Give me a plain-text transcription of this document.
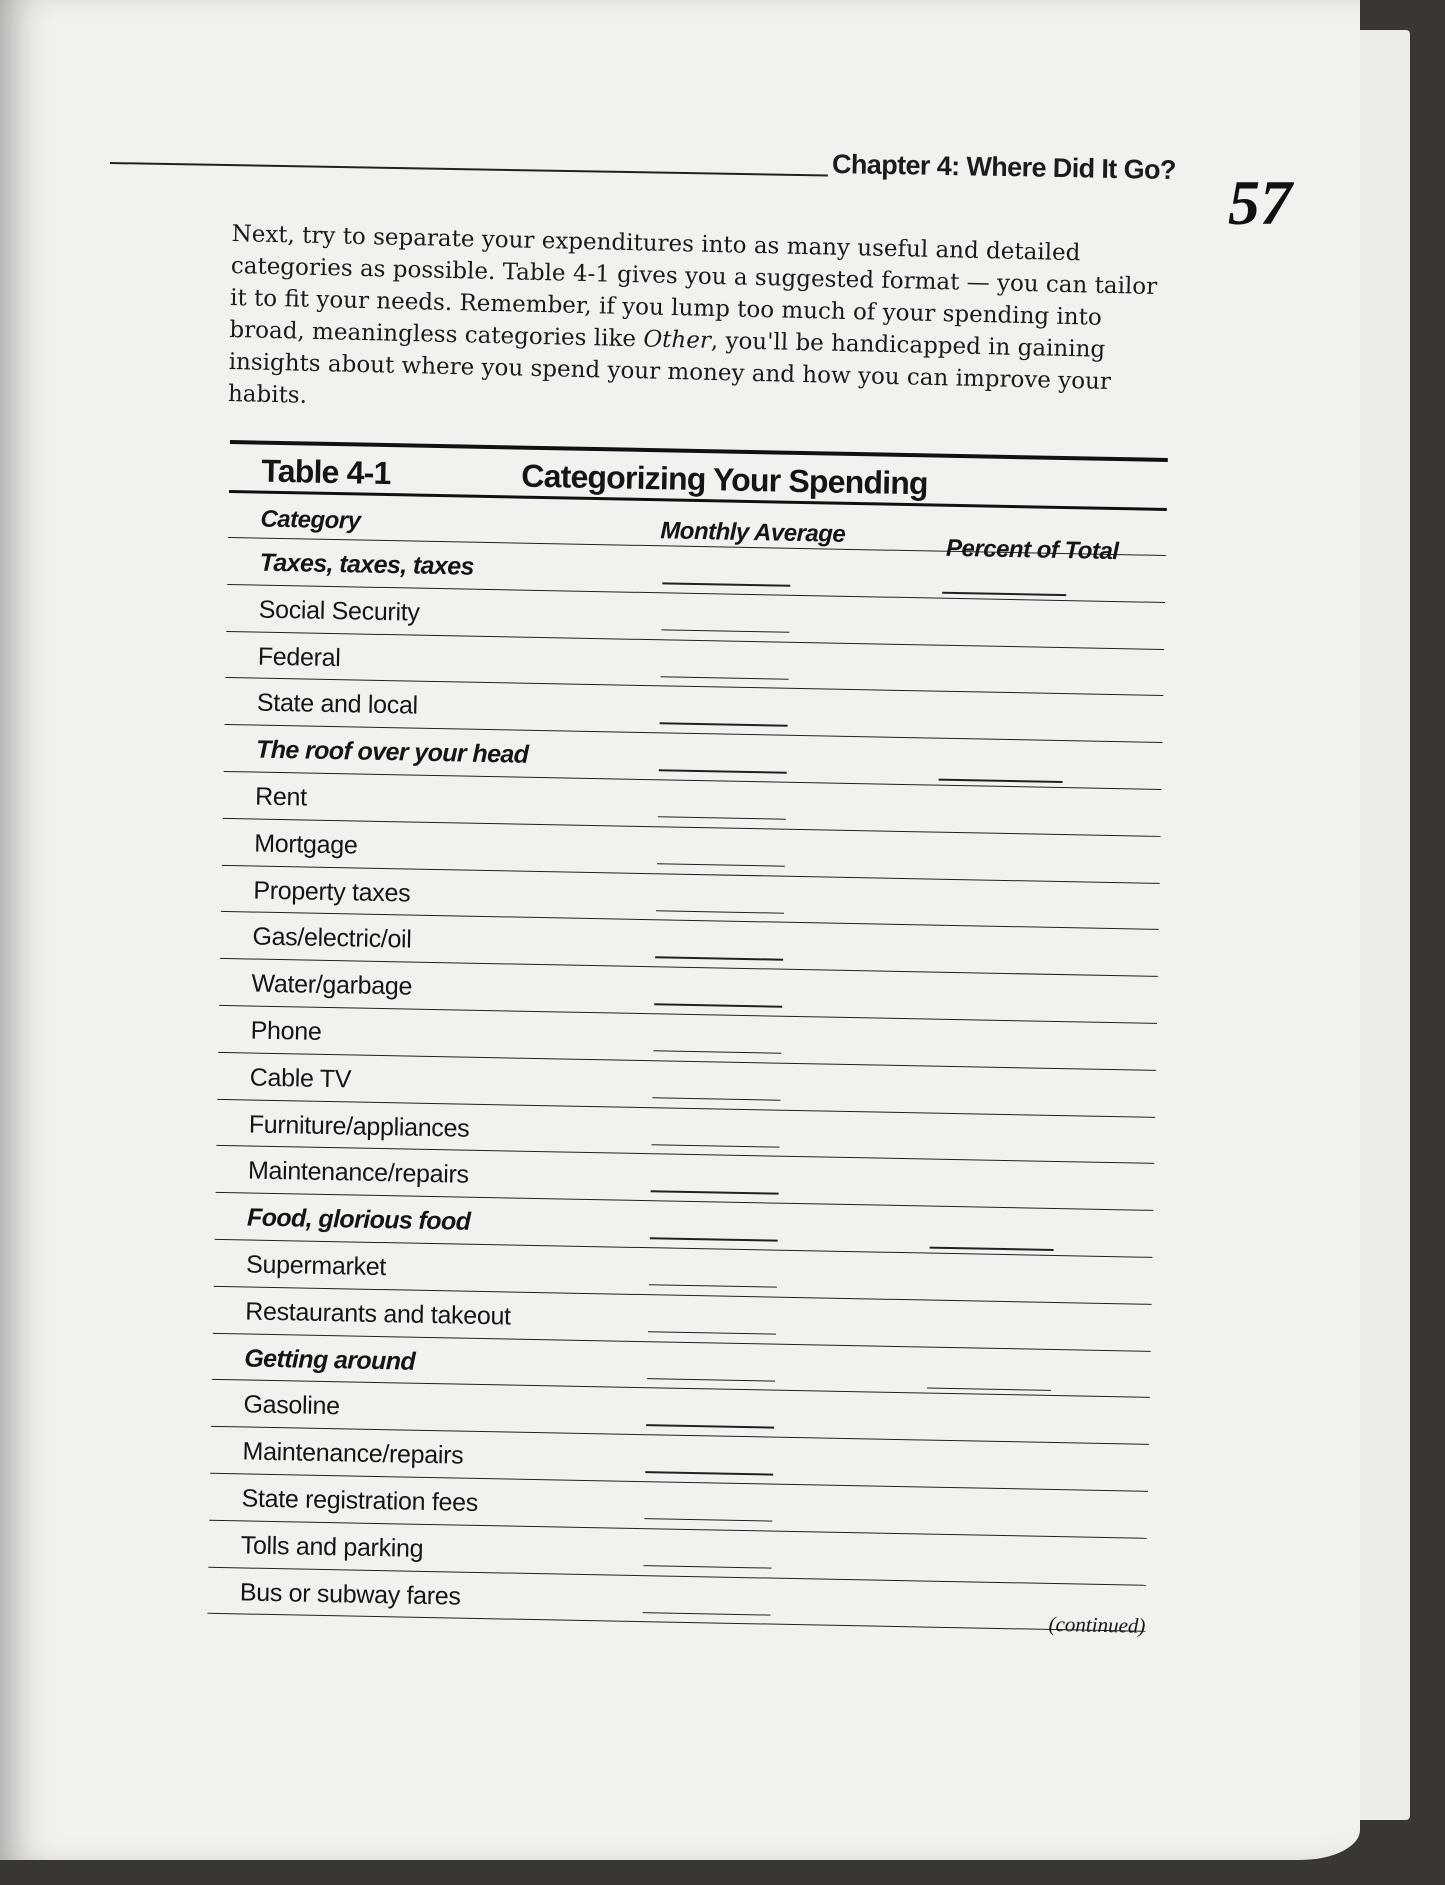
Chapter 4: Where Did It Go? 57

Next, try to separate your expenditures into as many useful and detailed categories as possible. Table 4-1 gives you a suggested format — you can tailor it to fit your needs. Remember, if you lump too much of your spending into broad, meaningless categories like Other, you'll be handicapped in gaining insights about where you spend your money and how you can improve your habits.

Table 4-1	Categorizing Your Spending
Category	Monthly Average
Percent of Total
Taxes, taxes, taxes
Social Security
Federal
State and local
The roof over your head
Rent
Mortgage
Property taxes
Gas/electric/oil
Water/garbage
Phone
Cable TV
Furniture/appliances
Maintenance/repairs
Food, glorious food
Supermarket
Restaurants and takeout
Getting around
Gasoline
Maintenance/repairs
State registration fees
Tolls and parking
Bus or subway fares
(continued)
